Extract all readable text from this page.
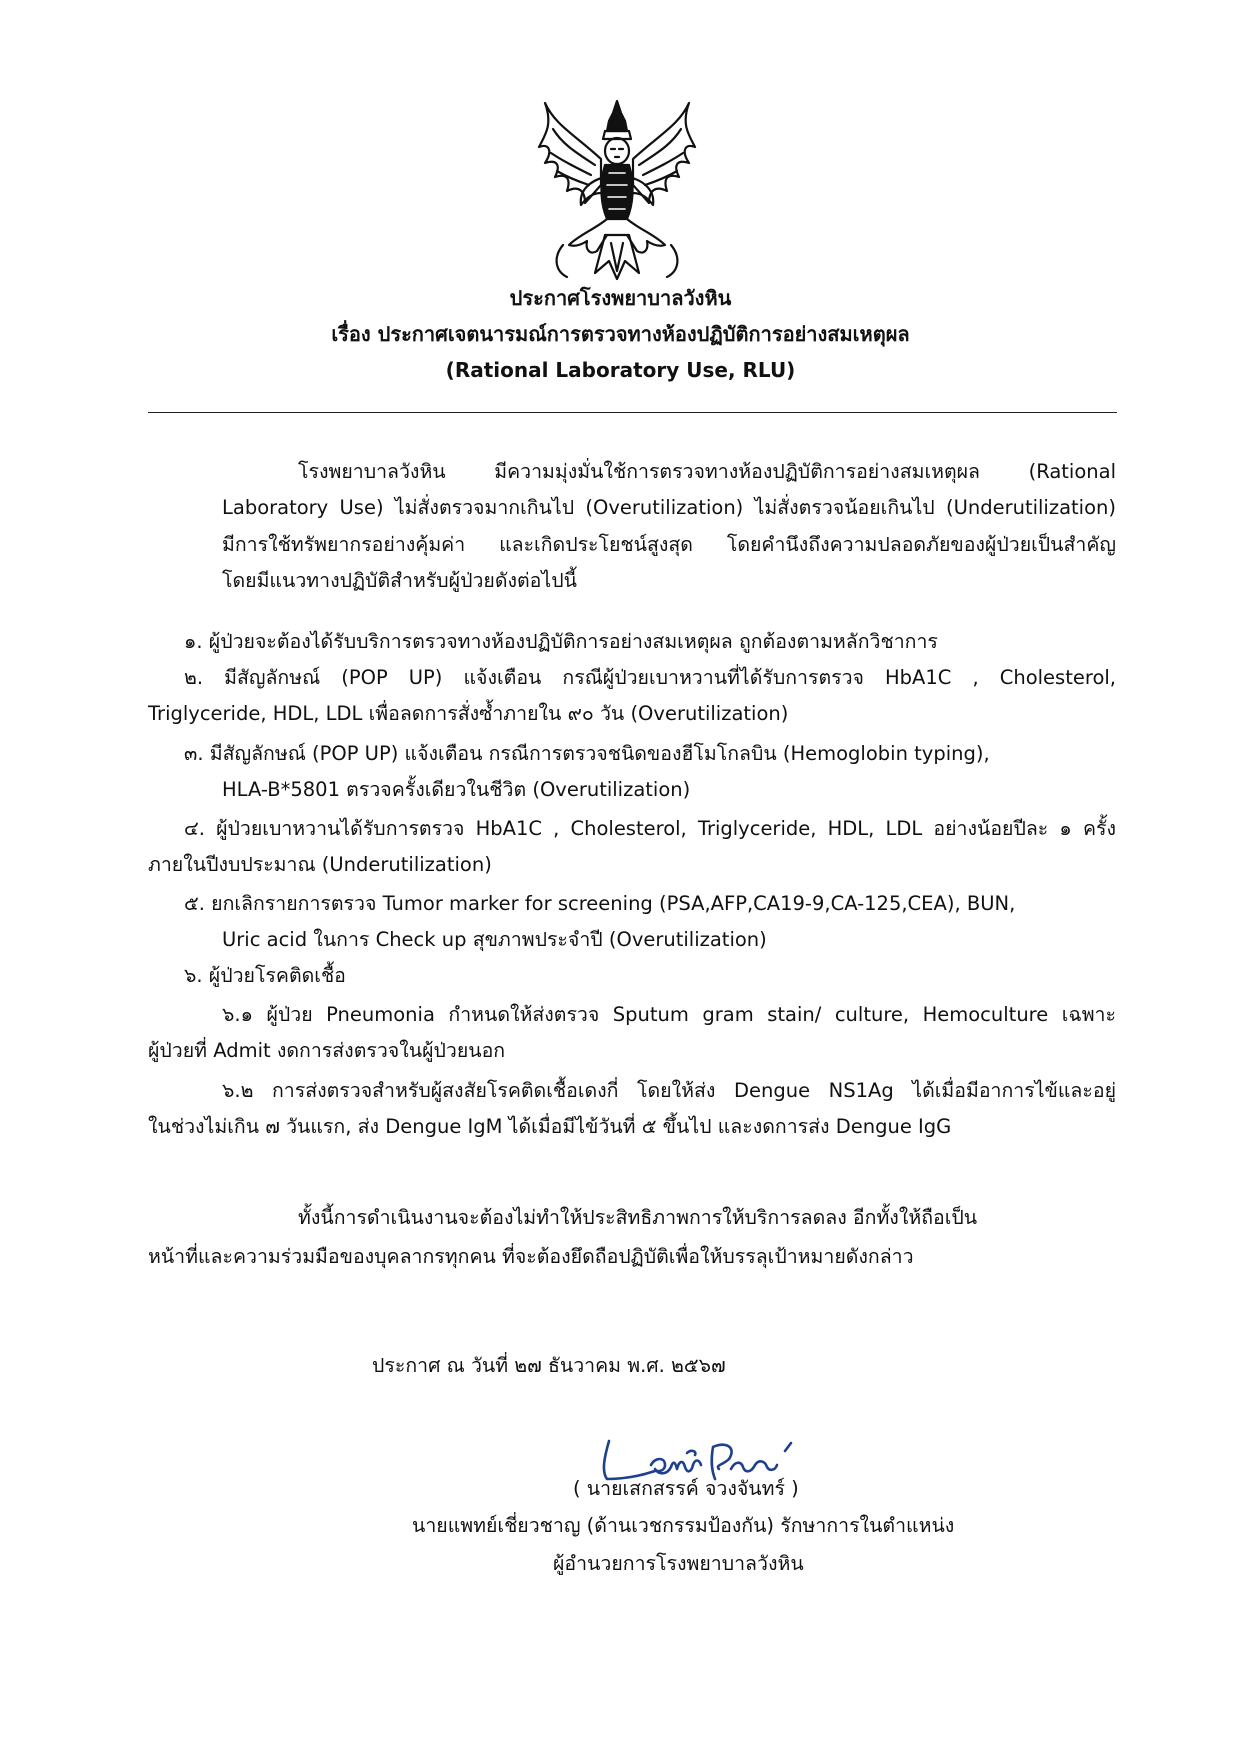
ประกาศโรงพยาบาลวังหิน
เรื่อง ประกาศเจตนารมณ์การตรวจทางห้องปฏิบัติการอย่างสมเหตุผล
(Rational Laboratory Use, RLU)
โรงพยาบาลวังหิน มีความมุ่งมั่นใช้การตรวจทางห้องปฏิบัติการอย่างสมเหตุผล (Rational
Laboratory Use) ไม่สั่งตรวจมากเกินไป (Overutilization) ไม่สั่งตรวจน้อยเกินไป (Underutilization)
มีการใช้ทรัพยากรอย่างคุ้มค่า และเกิดประโยชน์สูงสุด โดยคำนึงถึงความปลอดภัยของผู้ป่วยเป็นสำคัญ
โดยมีแนวทางปฏิบัติสำหรับผู้ป่วยดังต่อไปนี้
๑. ผู้ป่วยจะต้องได้รับบริการตรวจทางห้องปฏิบัติการอย่างสมเหตุผล ถูกต้องตามหลักวิชาการ
๒. มีสัญลักษณ์ (POP UP) แจ้งเตือน กรณีผู้ป่วยเบาหวานที่ได้รับการตรวจ HbA1C , Cholesterol,
Triglyceride, HDL, LDL เพื่อลดการสั่งซ้ำภายใน ๙๐ วัน (Overutilization)
๓. มีสัญลักษณ์ (POP UP) แจ้งเตือน กรณีการตรวจชนิดของฮีโมโกลบิน (Hemoglobin typing),
HLA-B*5801 ตรวจครั้งเดียวในชีวิต (Overutilization)
๔. ผู้ป่วยเบาหวานได้รับการตรวจ HbA1C , Cholesterol, Triglyceride, HDL, LDL อย่างน้อยปีละ ๑ ครั้ง
ภายในปีงบประมาณ (Underutilization)
๕. ยกเลิกรายการตรวจ Tumor marker for screening (PSA,AFP,CA19-9,CA-125,CEA), BUN,
Uric acid ในการ Check up สุขภาพประจำปี (Overutilization)
๖. ผู้ป่วยโรคติดเชื้อ
๖.๑ ผู้ป่วย Pneumonia กำหนดให้ส่งตรวจ Sputum gram stain/ culture, Hemoculture เฉพาะ
ผู้ป่วยที่ Admit งดการส่งตรวจในผู้ป่วยนอก
๖.๒ การส่งตรวจสำหรับผู้สงสัยโรคติดเชื้อเดงกี่ โดยให้ส่ง Dengue NS1Ag ได้เมื่อมีอาการไข้และอยู่
ในช่วงไม่เกิน ๗ วันแรก, ส่ง Dengue IgM ได้เมื่อมีไข้วันที่ ๕ ขึ้นไป และงดการส่ง Dengue IgG
ทั้งนี้การดำเนินงานจะต้องไม่ทำให้ประสิทธิภาพการให้บริการลดลง อีกทั้งให้ถือเป็น
หน้าที่และความร่วมมือของบุคลากรทุกคน ที่จะต้องยึดถือปฏิบัติเพื่อให้บรรลุเป้าหมายดังกล่าว
ประกาศ ณ วันที่ ๒๗ ธันวาคม พ.ศ. ๒๕๖๗
( นายเสกสรรค์ จวงจันทร์ )
นายแพทย์เชี่ยวชาญ (ด้านเวชกรรมป้องกัน) รักษาการในตำแหน่ง
ผู้อำนวยการโรงพยาบาลวังหิน
